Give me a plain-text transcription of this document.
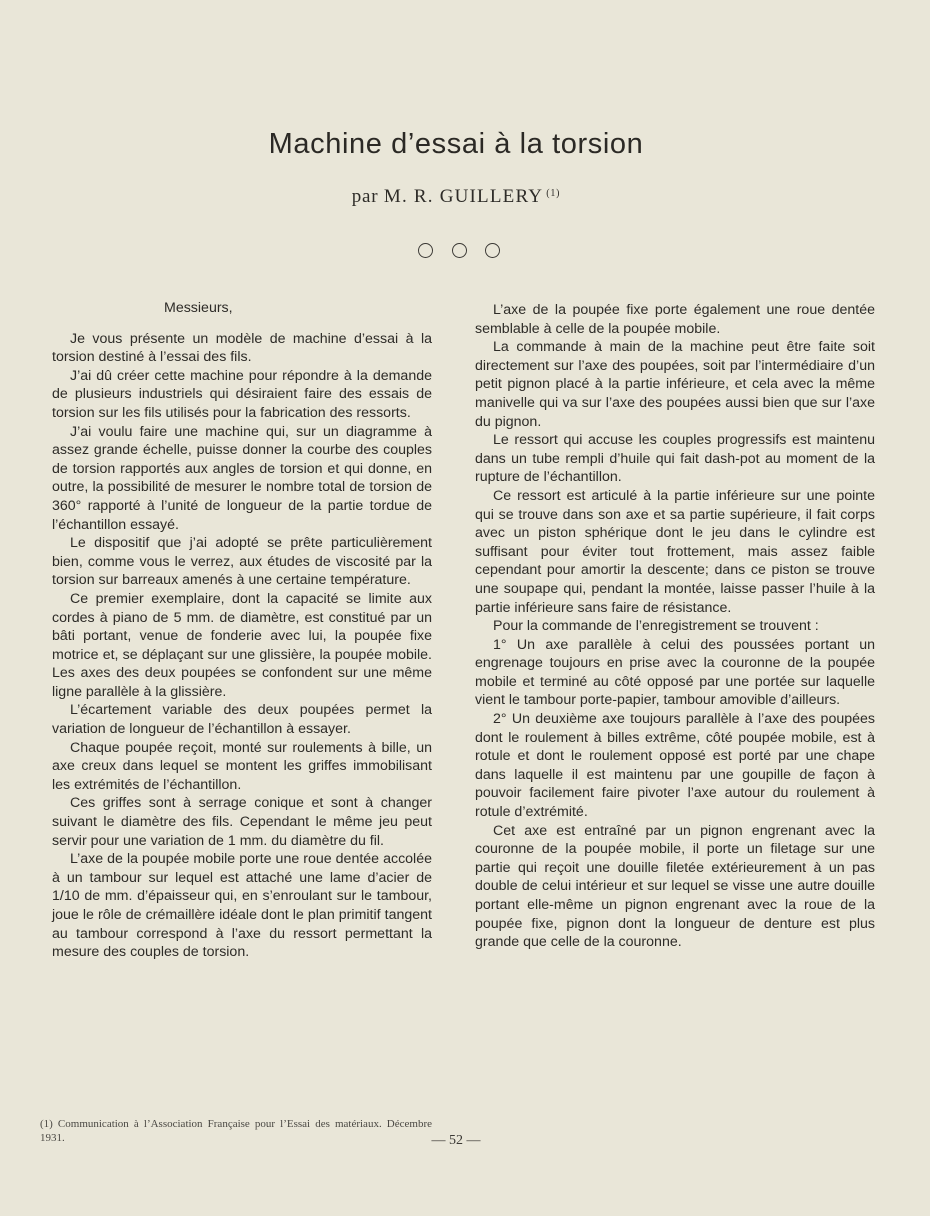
Machine d’essai à la torsion
par M. R. GUILLERY $^{(1)}$

Messieurs,

Je vous présente un modèle de machine d’essai à la torsion destiné à l’essai des fils.

J’ai dû créer cette machine pour répondre à la demande de plusieurs industriels qui désiraient faire des essais de torsion sur les fils utilisés pour la fabrication des ressorts.

J’ai voulu faire une machine qui, sur un diagramme à assez grande échelle, puisse donner la courbe des couples de torsion rapportés aux angles de torsion et qui donne, en outre, la possibilité de mesurer le nombre total de torsion de 360° rapporté à l’unité de longueur de la partie tordue de l’échantillon essayé.

Le dispositif que j’ai adopté se prête particulièrement bien, comme vous le verrez, aux études de viscosité par la torsion sur barreaux amenés à une certaine température.

Ce premier exemplaire, dont la capacité se limite aux cordes à piano de 5 mm. de diamètre, est constitué par un bâti portant, venue de fonderie avec lui, la poupée fixe motrice et, se déplaçant sur une glissière, la poupée mobile. Les axes des deux poupées se confondent sur une même ligne parallèle à la glissière.

L’écartement variable des deux poupées permet la variation de longueur de l’échantillon à essayer.

Chaque poupée reçoit, monté sur roulements à bille, un axe creux dans lequel se montent les griffes immobilisant les extrémités de l’échantillon.

Ces griffes sont à serrage conique et sont à changer suivant le diamètre des fils. Cependant le même jeu peut servir pour une variation de 1 mm. du diamètre du fil.

L’axe de la poupée mobile porte une roue dentée accolée à un tambour sur lequel est attaché une lame d’acier de 1/10 de mm. d’épaisseur qui, en s’enroulant sur le tambour, joue le rôle de crémaillère idéale dont le plan primitif tangent au tambour correspond à l’axe du ressort permettant la mesure des couples de torsion.

L’axe de la poupée fixe porte également une roue dentée semblable à celle de la poupée mobile.

La commande à main de la machine peut être faite soit directement sur l’axe des poupées, soit par l’intermédiaire d’un petit pignon placé à la partie inférieure, et cela avec la même manivelle qui va sur l’axe des poupées aussi bien que sur l’axe du pignon.

Le ressort qui accuse les couples progressifs est maintenu dans un tube rempli d’huile qui fait dash-pot au moment de la rupture de l’échantillon.

Ce ressort est articulé à la partie inférieure sur une pointe qui se trouve dans son axe et sa partie supérieure, il fait corps avec un piston sphérique dont le jeu dans le cylindre est suffisant pour éviter tout frottement, mais assez faible cependant pour amortir la descente; dans ce piston se trouve une soupape qui, pendant la montée, laisse passer l’huile à la partie inférieure sans faire de résistance.

Pour la commande de l’enregistrement se trouvent :

1° Un axe parallèle à celui des poussées portant un engrenage toujours en prise avec la couronne de la poupée mobile et terminé au côté opposé par une portée sur laquelle vient le tambour porte-papier, tambour amovible d’ailleurs.

2° Un deuxième axe toujours parallèle à l’axe des poupées dont le roulement à billes extrême, côté poupée mobile, est à rotule et dont le roulement opposé est porté par une chape dans laquelle il est maintenu par une goupille de façon à pouvoir facilement faire pivoter l’axe autour du roulement à rotule d’extrémité.

Cet axe est entraîné par un pignon engrenant avec la couronne de la poupée mobile, il porte un filetage sur une partie qui reçoit une douille filetée extérieurement à un pas double de celui intérieur et sur lequel se visse une autre douille portant elle-même un pignon engrenant avec la roue de la poupée fixe, pignon dont la longueur de denture est plus grande que celle de la couronne.

(1) Communication à l’Association Française pour l’Essai des matériaux. Décembre 1931.	— 52 —
